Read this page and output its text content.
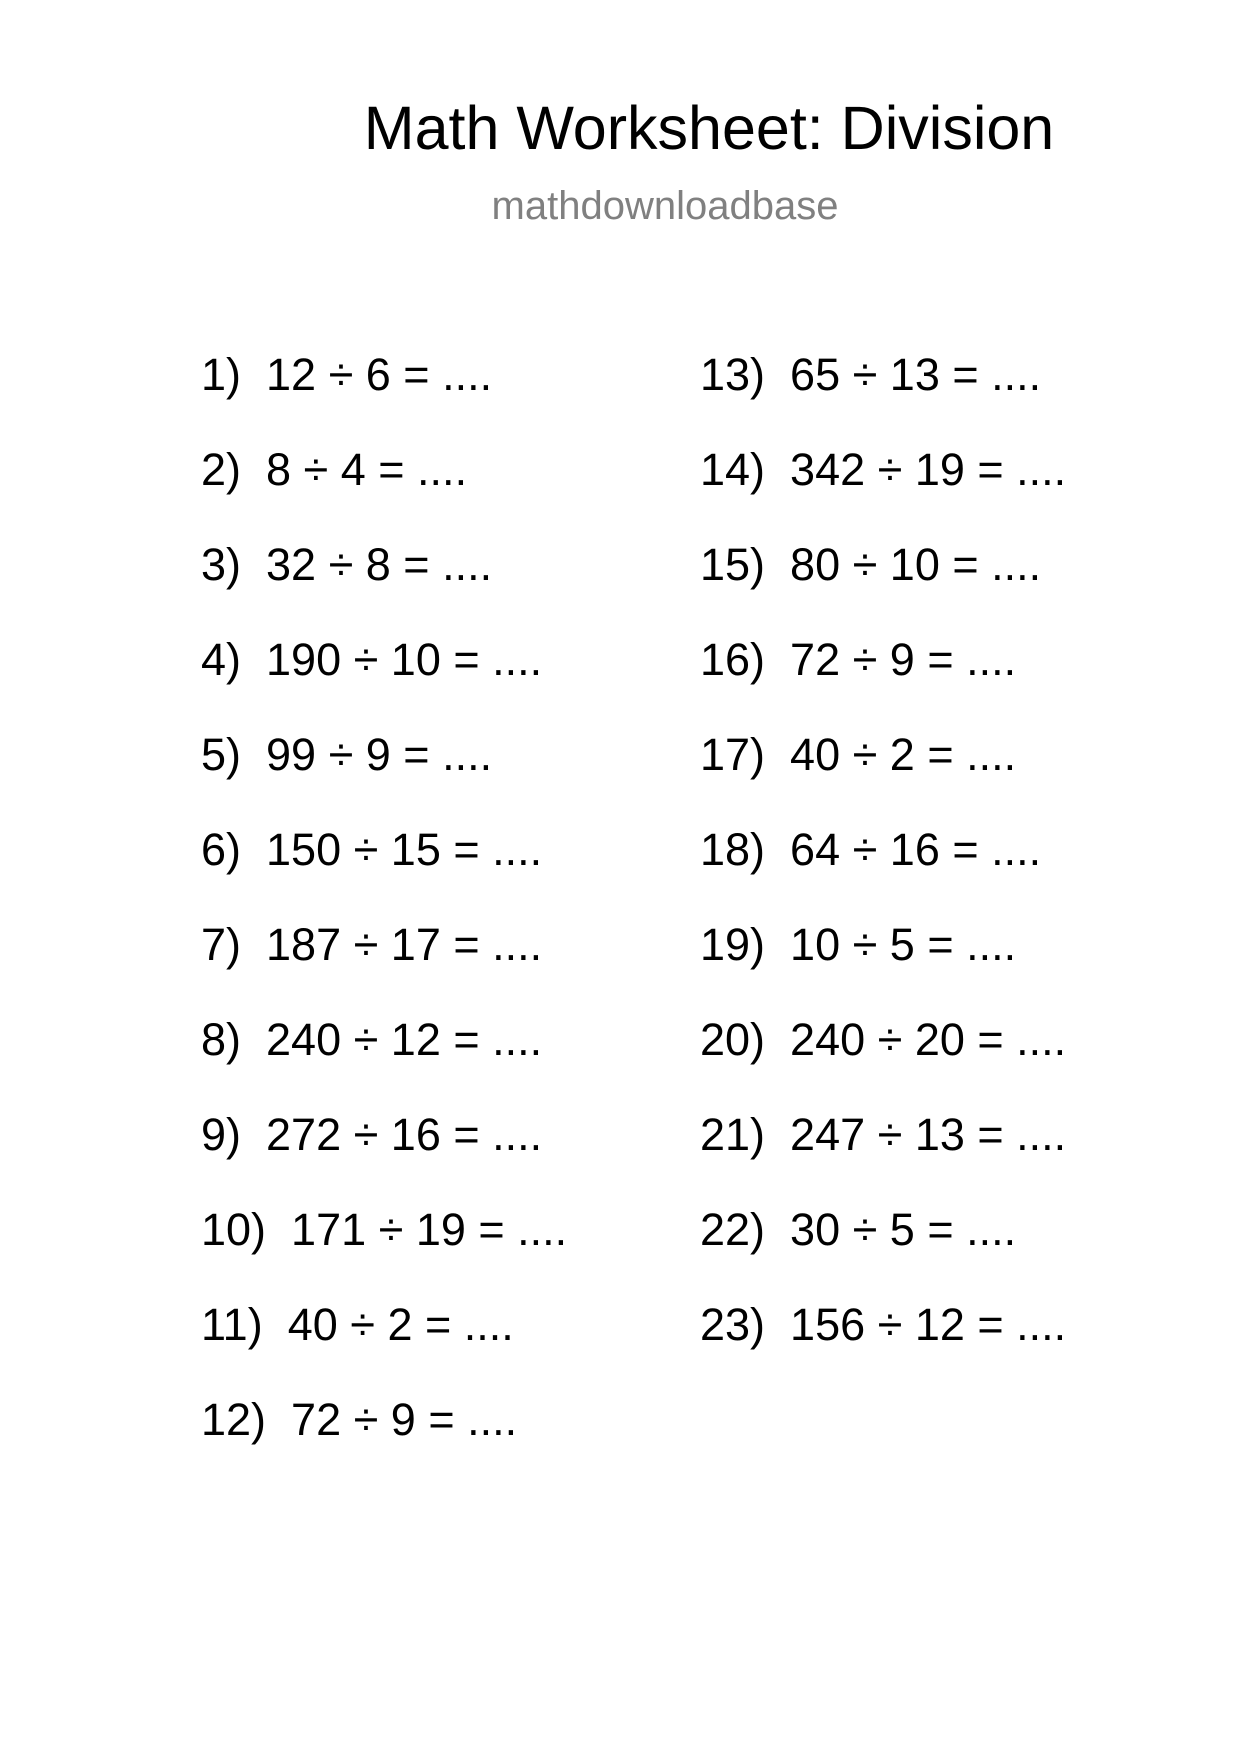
Math Worksheet: Division
mathdownloadbase
1)  12 ÷ 6 = ....
2)  8 ÷ 4 = ....
3)  32 ÷ 8 = ....
4)  190 ÷ 10 = ....
5)  99 ÷ 9 = ....
6)  150 ÷ 15 = ....
7)  187 ÷ 17 = ....
8)  240 ÷ 12 = ....
9)  272 ÷ 16 = ....
10)  171 ÷ 19 = ....
11)  40 ÷ 2 = ....
12)  72 ÷ 9 = ....
13)  65 ÷ 13 = ....
14)  342 ÷ 19 = ....
15)  80 ÷ 10 = ....
16)  72 ÷ 9 = ....
17)  40 ÷ 2 = ....
18)  64 ÷ 16 = ....
19)  10 ÷ 5 = ....
20)  240 ÷ 20 = ....
21)  247 ÷ 13 = ....
22)  30 ÷ 5 = ....
23)  156 ÷ 12 = ....
